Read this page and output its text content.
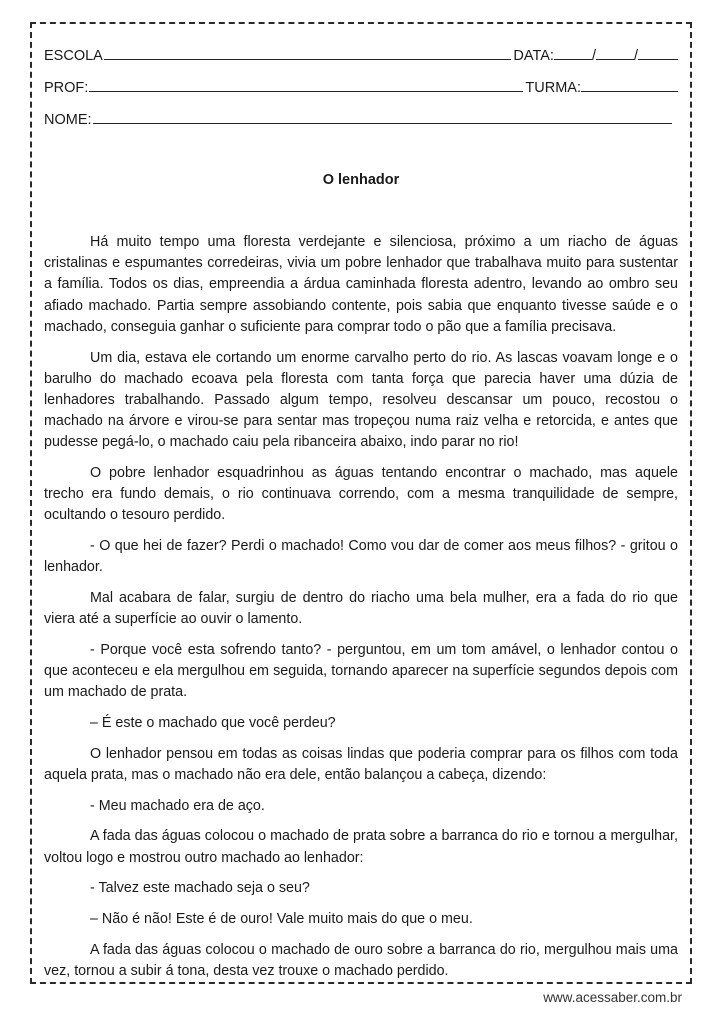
ESCOLA	DATA:	/	/
PROF:	TURMA:
NOME:
O lenhador

Há muito tempo uma floresta verdejante e silenciosa, próximo a um riacho de águas cristalinas e espumantes corredeiras, vivia um pobre lenhador que trabalhava muito para sustentar a família. Todos os dias, empreendia a árdua caminhada floresta adentro, levando ao ombro seu afiado machado. Partia sempre assobiando contente, pois sabia que enquanto tivesse saúde e o machado, conseguia ganhar o suficiente para comprar todo o pão que a família precisava.

Um dia, estava ele cortando um enorme carvalho perto do rio. As lascas voavam longe e o barulho do machado ecoava pela floresta com tanta força que parecia haver uma dúzia de lenhadores trabalhando. Passado algum tempo, resolveu descansar um pouco, recostou o machado na árvore e virou-se para sentar mas tropeçou numa raiz velha e retorcida, e antes que pudesse pegá-lo, o machado caiu pela ribanceira abaixo, indo parar no rio!

O pobre lenhador esquadrinhou as águas tentando encontrar o machado, mas aquele trecho era fundo demais, o rio continuava correndo, com a mesma tranquilidade de sempre, ocultando o tesouro perdido.

- O que hei de fazer? Perdi o machado! Como vou dar de comer aos meus filhos? - gritou o lenhador.

Mal acabara de falar, surgiu de dentro do riacho uma bela mulher, era a fada do rio que viera até a superfície ao ouvir o lamento.

- Porque você esta sofrendo tanto? - perguntou, em um tom amável, o lenhador contou o que aconteceu e ela mergulhou em seguida, tornando aparecer na superfície segundos depois com um machado de prata.

– É este o machado que você perdeu?

O lenhador pensou em todas as coisas lindas que poderia comprar para os filhos com toda aquela prata, mas o machado não era dele, então balançou a cabeça, dizendo:

- Meu machado era de aço.

A fada das águas colocou o machado de prata sobre a barranca do rio e tornou a mergulhar, voltou logo e mostrou outro machado ao lenhador:

- Talvez este machado seja o seu?

– Não é não! Este é de ouro! Vale muito mais do que o meu.

A fada das águas colocou o machado de ouro sobre a barranca do rio, mergulhou mais uma vez, tornou a subir á tona, desta vez trouxe o machado perdido.

www.acessaber.com.br
